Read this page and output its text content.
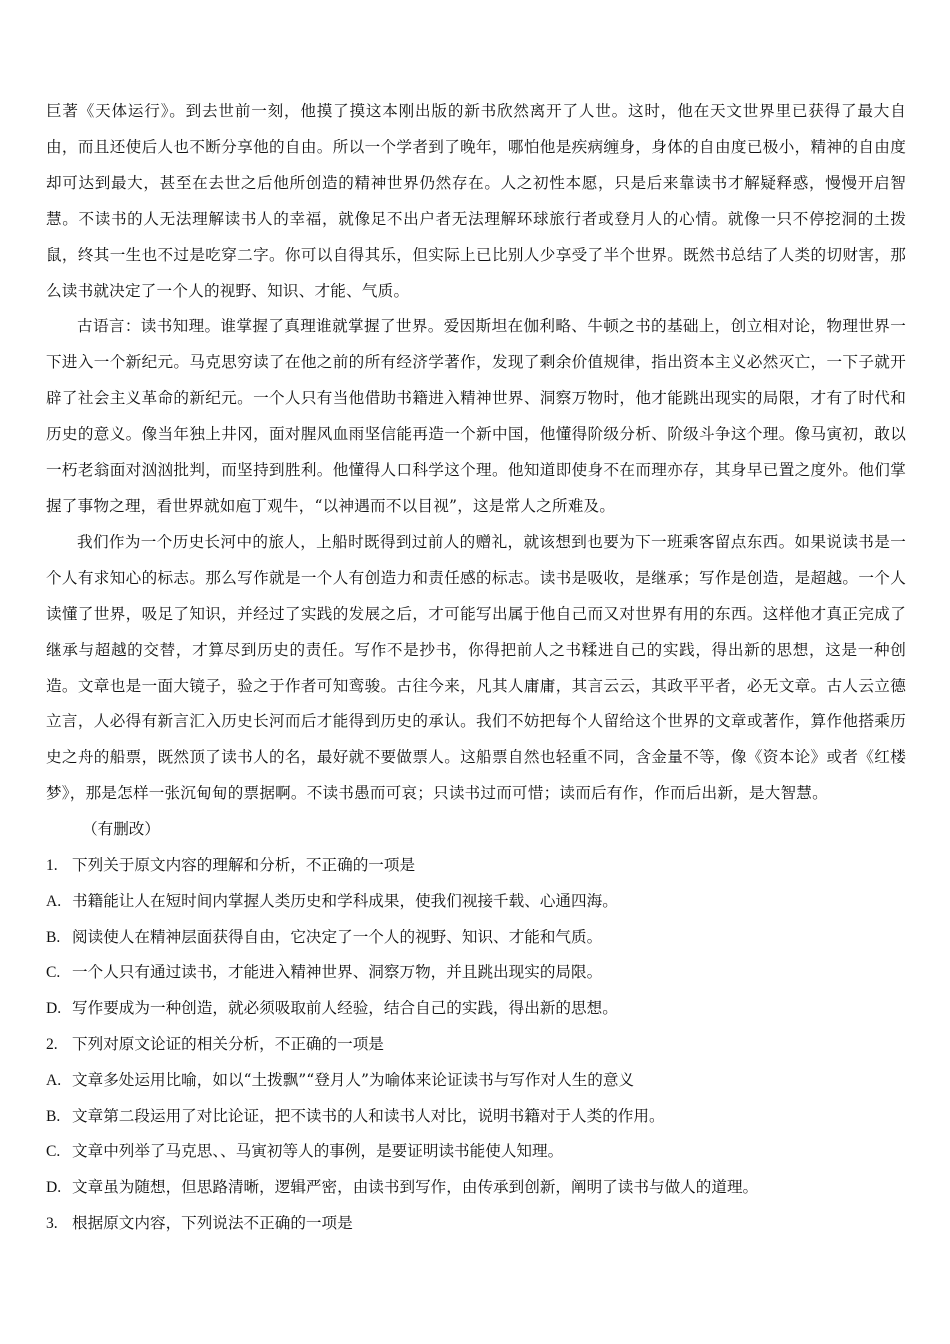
巨著《天体运行》。到去世前一刻，他摸了摸这本刚出版的新书欣然离开了人世。这时，他在天文世界里已获得了最大自由，而且还使后人也不断分享他的自由。所以一个学者到了晚年，哪怕他是疾病缠身，身体的自由度已极小，精神的自由度却可达到最大，甚至在去世之后他所创造的精神世界仍然存在。人之初性本愿，只是后来靠读书才解疑释惑，慢慢开启智慧。不读书的人无法理解读书人的幸福，就像足不出户者无法理解环球旅行者或登月人的心情。就像一只不停挖洞的土拨鼠，终其一生也不过是吃穿二字。你可以自得其乐，但实际上已比别人少享受了半个世界。既然书总结了人类的切财害，那么读书就决定了一个人的视野、知识、才能、气质。

古语言：读书知理。谁掌握了真理谁就掌握了世界。爱因斯坦在伽利略、牛顿之书的基础上，创立相对论，物理世界一下进入一个新纪元。马克思穷读了在他之前的所有经济学著作，发现了剩余价值规律，指出资本主义必然灭亡，一下子就开辟了社会主义革命的新纪元。一个人只有当他借助书籍进入精神世界、洞察万物时，他才能跳出现实的局限，才有了时代和历史的意义。像当年独上井冈，面对腥风血雨坚信能再造一个新中国，他懂得阶级分析、阶级斗争这个理。像马寅初，敢以一朽老翁面对汹汹批判，而坚持到胜利。他懂得人口科学这个理。他知道即使身不在而理亦存，其身早已置之度外。他们掌握了事物之理，看世界就如庖丁观牛，“以神遇而不以目视”，这是常人之所难及。

我们作为一个历史长河中的旅人，上船时既得到过前人的赠礼，就该想到也要为下一班乘客留点东西。如果说读书是一个人有求知心的标志。那么写作就是一个人有创造力和责任感的标志。读书是吸收，是继承；写作是创造，是超越。一个人读懂了世界，吸足了知识，并经过了实践的发展之后，才可能写出属于他自己而又对世界有用的东西。这样他才真正完成了继承与超越的交替，才算尽到历史的责任。写作不是抄书，你得把前人之书糅进自己的实践，得出新的思想，这是一种创造。文章也是一面大镜子，验之于作者可知鸾骏。古往今来，凡其人庸庸，其言云云，其政平平者，必无文章。古人云立德立言，人必得有新言汇入历史长河而后才能得到历史的承认。我们不妨把每个人留给这个世界的文章或著作，算作他搭乘历史之舟的船票，既然顶了读书人的名，最好就不要做票人。这船票自然也轻重不同，含金量不等，像《资本论》或者《红楼梦》，那是怎样一张沉甸甸的票据啊。不读书愚而可哀；只读书过而可惜；读而后有作，作而后出新，是大智慧。

（有删改）

1. 下列关于原文内容的理解和分析，不正确的一项是

A. 书籍能让人在短时间内掌握人类历史和学科成果，使我们视接千载、心通四海。

B. 阅读使人在精神层面获得自由，它决定了一个人的视野、知识、才能和气质。

C. 一个人只有通过读书，才能进入精神世界、洞察万物，并且跳出现实的局限。

D. 写作要成为一种创造，就必须吸取前人经验，结合自己的实践，得出新的思想。

2. 下列对原文论证的相关分析，不正确的一项是

A. 文章多处运用比喻，如以“土拨飘”“登月人”为喻体来论证读书与写作对人生的意义

B. 文章第二段运用了对比论证，把不读书的人和读书人对比，说明书籍对于人类的作用。

C. 文章中列举了马克思、、马寅初等人的事例，是要证明读书能使人知理。

D. 文章虽为随想，但思路清晰，逻辑严密，由读书到写作，由传承到创新，阐明了读书与做人的道理。

3. 根据原文内容，下列说法不正确的一项是
